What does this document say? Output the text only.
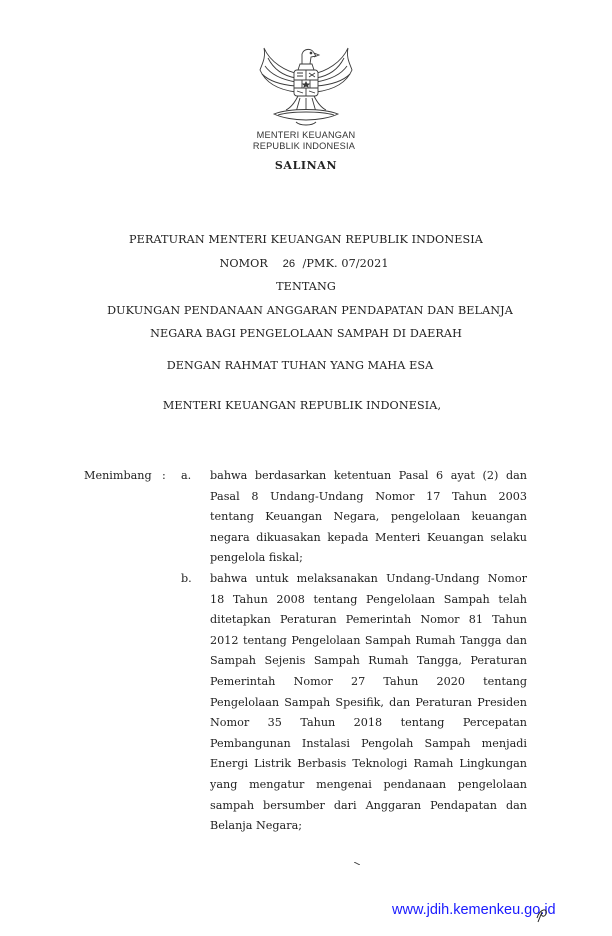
MENTERI KEUANGAN
REPUBLIK INDONESIA
SALINAN
PERATURAN MENTERI KEUANGAN REPUBLIK INDONESIA
NOMOR 26 /PMK. 07/2021
TENTANG
DUKUNGAN PENDANAAN ANGGARAN PENDAPATAN DAN BELANJA
NEGARA BAGI PENGELOLAAN SAMPAH DI DAERAH
DENGAN RAHMAT TUHAN YANG MAHA ESA
MENTERI KEUANGAN REPUBLIK INDONESIA,
Menimbang : a. bahwa berdasarkan ketentuan Pasal 6 ayat (2) dan
Pasal 8 Undang-Undang Nomor 17 Tahun 2003
tentang Keuangan Negara, pengelolaan keuangan
negara dikuasakan kepada Menteri Keuangan selaku
pengelola fiskal;
b. bahwa untuk melaksanakan Undang-Undang Nomor
18 Tahun 2008 tentang Pengelolaan Sampah telah
ditetapkan Peraturan Pemerintah Nomor 81 Tahun
2012 tentang Pengelolaan Sampah Rumah Tangga dan
Sampah Sejenis Sampah Rumah Tangga, Peraturan
Pemerintah Nomor 27 Tahun 2020 tentang
Pengelolaan Sampah Spesifik, dan Peraturan Presiden
Nomor 35 Tahun 2018 tentang Percepatan
Pembangunan Instalasi Pengolah Sampah menjadi
Energi Listrik Berbasis Teknologi Ramah Lingkungan
yang mengatur mengenai pendanaan pengelolaan
sampah bersumber dari Anggaran Pendapatan dan
Belanja Negara;
www.jdih.kemenkeu.go.id
